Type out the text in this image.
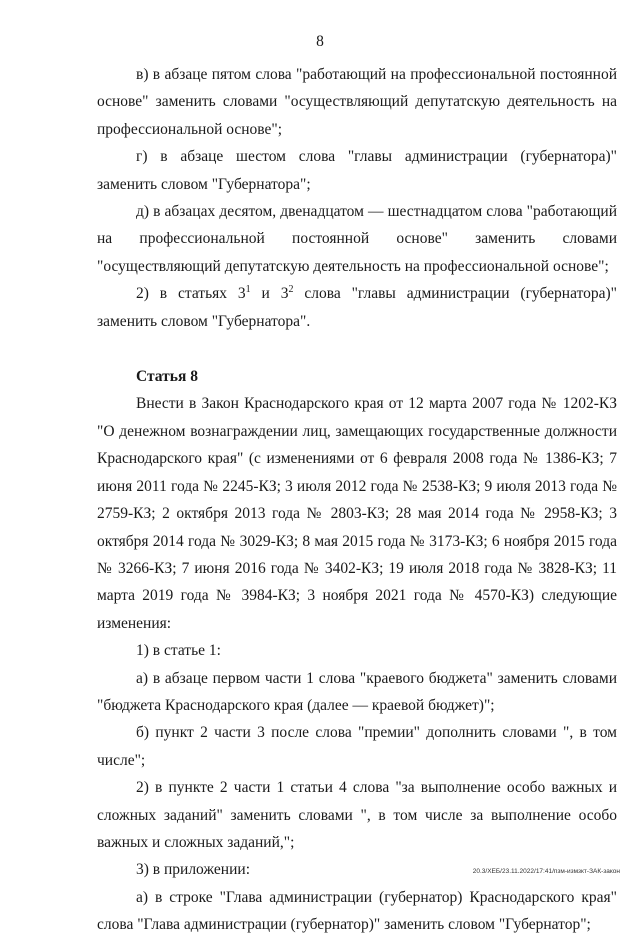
8

в) в абзаце пятом слова "работающий на профессиональной постоянной основе" заменить словами "осуществляющий депутатскую деятельность на профессиональной основе";

г) в абзаце шестом слова "главы администрации (губернатора)" заменить словом "Губернатора";

д) в абзацах десятом, двенадцатом — шестнадцатом слова "работающий на профессиональной постоянной основе" заменить словами "осуществляющий депутатскую деятельность на профессиональной основе";

2) в статьях $3^1$ и $3^2$ слова "главы администрации (губернатора)" заменить словом "Губернатора".

Статья 8

Внести в Закон Краснодарского края от 12 марта 2007 года № 1202-КЗ "О денежном вознаграждении лиц, замещающих государственные должности Краснодарского края" (с изменениями от 6 февраля 2008 года № 1386-КЗ; 7 июня 2011 года № 2245-КЗ; 3 июля 2012 года № 2538-КЗ; 9 июля 2013 года № 2759-КЗ; 2 октября 2013 года № 2803-КЗ; 28 мая 2014 года № 2958-КЗ; 3 октября 2014 года № 3029-КЗ; 8 мая 2015 года № 3173-КЗ; 6 ноября 2015 года № 3266-КЗ; 7 июня 2016 года № 3402-КЗ; 19 июля 2018 года № 3828-КЗ; 11 марта 2019 года № 3984-КЗ; 3 ноября 2021 года № 4570-КЗ) следующие изменения:

1) в статье 1:

а) в абзаце первом части 1 слова "краевого бюджета" заменить словами "бюджета Краснодарского края (далее — краевой бюджет)";

б) пункт 2 части 3 после слова "премии" дополнить словами ", в том числе";

2) в пункте 2 части 1 статьи 4 слова "за выполнение особо важных и сложных заданий" заменить словами ", в том числе за выполнение особо важных и сложных заданий,";

3) в приложении:

а) в строке "Глава администрации (губернатор) Краснодарского края" слова "Глава администрации (губернатор)" заменить словом "Губернатор";

20.3/ХЕБ/23.11.2022/17:41/пзм-измзкт-ЗАК-закон
